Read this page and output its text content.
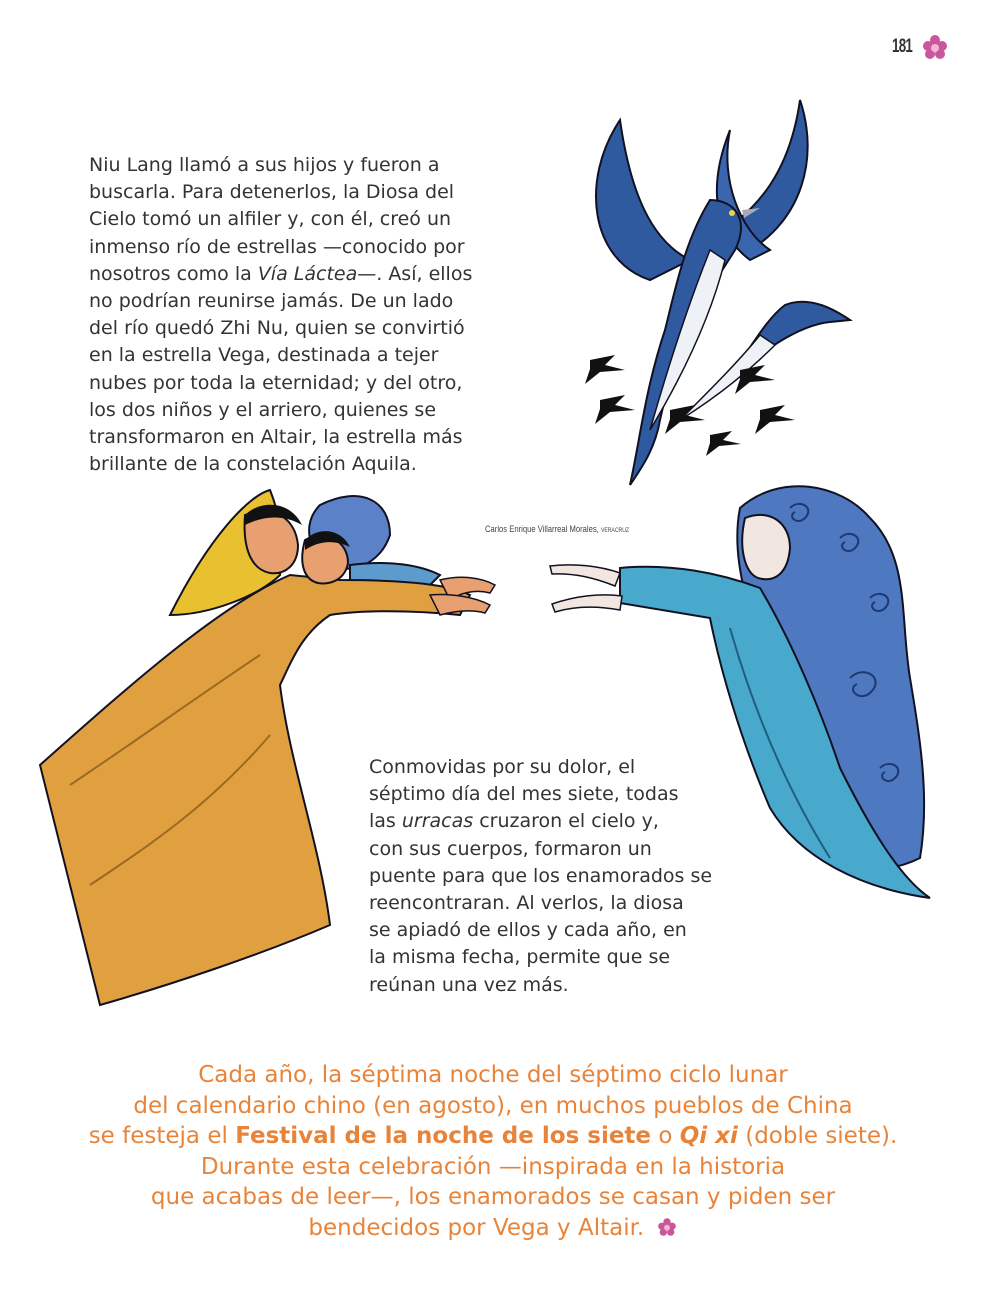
181

Niu Lang llamó a sus hijos y fueron a
buscarla. Para detenerlos, la Diosa del
Cielo tomó un alfiler y, con él, creó un
inmenso río de estrellas —conocido por
nosotros como la Vía Láctea—. Así, ellos
no podrían reunirse jamás. De un lado
del río quedó Zhi Nu, quien se convirtió
en la estrella Vega, destinada a tejer
nubes por toda la eternidad; y del otro,
los dos niños y el arriero, quienes se
transformaron en Altair, la estrella más
brillante de la constelación Aquila.

Carlos Enrique Villarreal Morales, VERACRUZ

Conmovidas por su dolor, el
séptimo día del mes siete, todas
las urracas cruzaron el cielo y,
con sus cuerpos, formaron un
puente para que los enamorados se
reencontraran. Al verlos, la diosa
se apiadó de ellos y cada año, en
la misma fecha, permite que se
reúnan una vez más.

Cada año, la séptima noche del séptimo ciclo lunar
del calendario chino (en agosto), en muchos pueblos de China
se festeja el Festival de la noche de los siete o Qi xi (doble siete).
Durante esta celebración —inspirada en la historia
que acabas de leer—, los enamorados se casan y piden ser
bendecidos por Vega y Altair.
